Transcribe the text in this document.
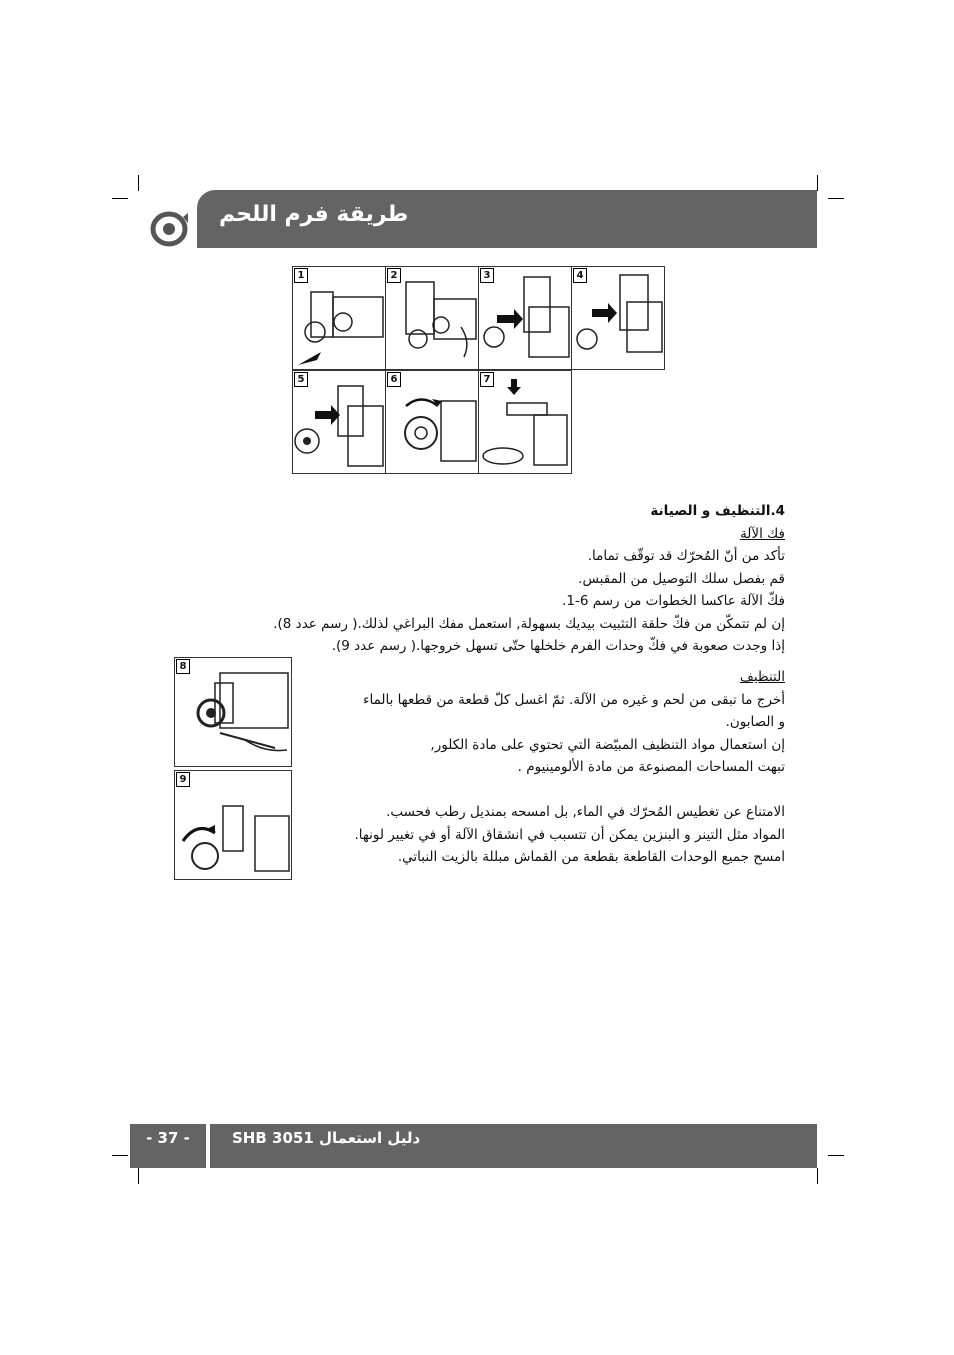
طريقة فرم اللحم
1	2	3	4
5	6	7
4.التنظيف و الصيانة
فك الآلة
تأكد من أنّ المُحرّك قد توقّف تماما.
قم بفصل سلك التوصيل من المقبس.
فكّ الآلة عاكسا الخطوات من رسم 6-1.
إن لم تتمكّن من فكّ حلقة التثبيت بيديك بسهولة, استعمل مفك البراغي لذلك.( رسم عدد 8).
إذا وجدت صعوبة في فكّ وحدات الفرم خلخلها حتّى تسهل خروجها.( رسم عدد 9).
التنظيف
أخرج ما تبقى من لحم و غيره من الآلة. ثمّ اغسل كلّ قطعة من قطعها بالماء
و الصابون.
إن استعمال مواد التنظيف المبيّضة التي تحتوي على مادة الكلور,
تبهت المساحات المصنوعة من مادة الألومينيوم .
الامتناع عن تغطيس المُحرّك في الماء, بل امسحه بمنديل رطب فحسب.
المواد مثل التينر و البنزين يمكن أن تتسبب في انشقاق الآلة أو في تغيير لونها.
امسح جميع الوحدات القاطعة بقطعة من القماش مبللة بالزيت النباتي.
8
9
- 37 -	SHB 3051 دليل استعمال
